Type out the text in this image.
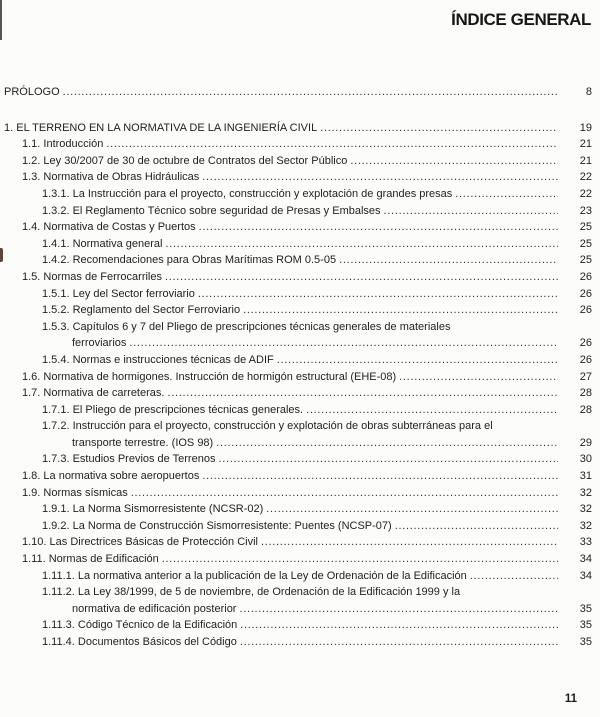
ÍNDICE GENERAL
PRÓLOGO .....	8
1. EL TERRENO EN LA NORMATIVA DE LA INGENIERÍA CIVIL .....	19
1.1. Introducción .....	21
1.2. Ley 30/2007 de 30 de octubre de Contratos del Sector Público .....	21
1.3. Normativa de Obras Hidráulicas .....	22
1.3.1. La Instrucción para el proyecto, construcción y explotación de grandes presas .....	22
1.3.2. El Reglamento Técnico sobre seguridad de Presas y Embalses .....	23
1.4. Normativa de Costas y Puertos .....	25
1.4.1. Normativa general .....	25
1.4.2. Recomendaciones para Obras Marítimas ROM 0.5-05 .....	25
1.5. Normas de Ferrocarriles .....	26
1.5.1. Ley del Sector ferroviario .....	26
1.5.2. Reglamento del Sector Ferroviario .....	26
1.5.3. Capítulos 6 y 7 del Pliego de prescripciones técnicas generales de materiales
ferroviarios .....	26
1.5.4. Normas e instrucciones técnicas de ADIF .....	26
1.6. Normativa de hormigones. Instrucción de hormigón estructural (EHE-08) .....	27
1.7. Normativa de carreteras. .....	28
1.7.1. El Pliego de prescripciones técnicas generales. .....	28
1.7.2. Instrucción para el proyecto, construcción y explotación de obras subterráneas para el
transporte terrestre. (IOS 98) .....	29
1.7.3. Estudios Previos de Terrenos .....	30
1.8. La normativa sobre aeropuertos .....	31
1.9. Normas sísmicas .....	32
1.9.1. La Norma Sismorresistente (NCSR-02) .....	32
1.9.2. La Norma de Construcción Sismorresistente: Puentes (NCSP-07) .....	32
1.10. Las Directrices Básicas de Protección Civil .....	33
1.11. Normas de Edificación .....	34
1.11.1. La normativa anterior a la publicación de la Ley de Ordenación de la Edificación .....	34
1.11.2. La Ley 38/1999, de 5 de noviembre, de Ordenación de la Edificación 1999 y la
normativa de edificación posterior .....	35
1.11.3. Código Técnico de la Edificación .....	35
1.11.4. Documentos Básicos del Código .....	35
11
